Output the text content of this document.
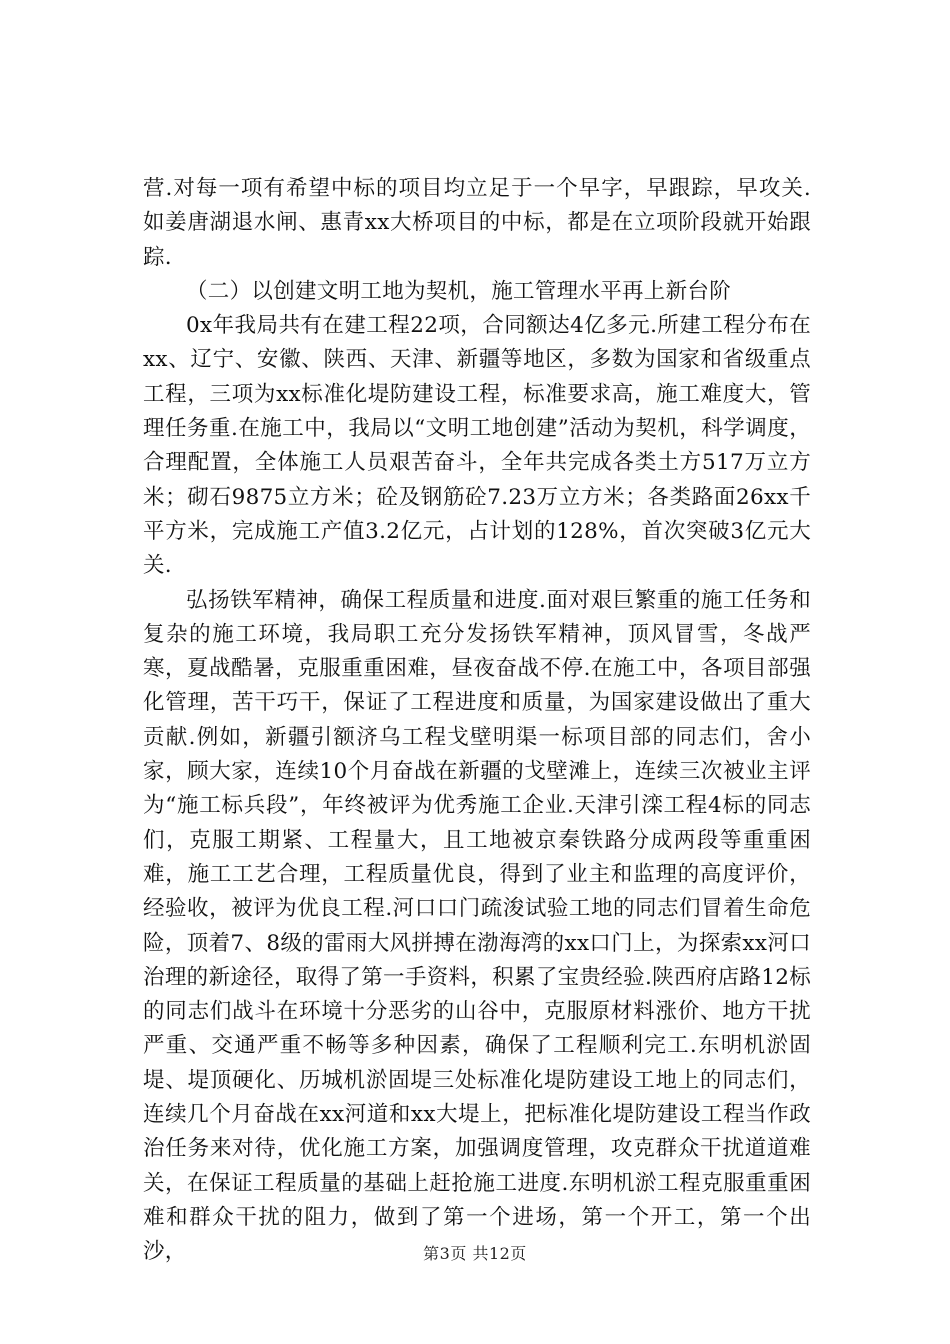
营.对每一项有希望中标的项目均立足于一个早字，早跟踪，早攻关.如姜唐湖退水闸、惠青xx大桥项目的中标，都是在立项阶段就开始跟踪.

（二）以创建文明工地为契机，施工管理水平再上新台阶

0x年我局共有在建工程22项，合同额达4亿多元.所建工程分布在xx、辽宁、安徽、陕西、天津、新疆等地区，多数为国家和省级重点工程，三项为xx标准化堤防建设工程，标准要求高，施工难度大，管理任务重.在施工中，我局以“文明工地创建”活动为契机，科学调度，合理配置，全体施工人员艰苦奋斗，全年共完成各类土方517万立方米；砌石9875立方米；砼及钢筋砼7.23万立方米；各类路面26xx千平方米，完成施工产值3.2亿元，占计划的128%，首次突破3亿元大关.

弘扬铁军精神，确保工程质量和进度.面对艰巨繁重的施工任务和复杂的施工环境，我局职工充分发扬铁军精神，顶风冒雪，冬战严寒，夏战酷暑，克服重重困难，昼夜奋战不停.在施工中，各项目部强化管理，苦干巧干，保证了工程进度和质量，为国家建设做出了重大贡献.例如，新疆引额济乌工程戈壁明渠一标项目部的同志们，舍小家，顾大家，连续10个月奋战在新疆的戈壁滩上，连续三次被业主评为“施工标兵段”，年终被评为优秀施工企业.天津引滦工程4标的同志们，克服工期紧、工程量大，且工地被京秦铁路分成两段等重重困难，施工工艺合理，工程质量优良，得到了业主和监理的高度评价，经验收，被评为优良工程.河口口门疏浚试验工地的同志们冒着生命危险，顶着7、8级的雷雨大风拼搏在渤海湾的xx口门上，为探索xx河口治理的新途径，取得了第一手资料，积累了宝贵经验.陕西府店路12标的同志们战斗在环境十分恶劣的山谷中，克服原材料涨价、地方干扰严重、交通严重不畅等多种因素，确保了工程顺利完工.东明机淤固堤、堤顶硬化、历城机淤固堤三处标准化堤防建设工地上的同志们，连续几个月奋战在xx河道和xx大堤上，把标准化堤防建设工程当作政治任务来对待，优化施工方案，加强调度管理，攻克群众干扰道道难关，在保证工程质量的基础上赶抢施工进度.东明机淤工程克服重重困难和群众干扰的阻力，做到了第一个进场，第一个开工，第一个出沙，	第3页 共12页
